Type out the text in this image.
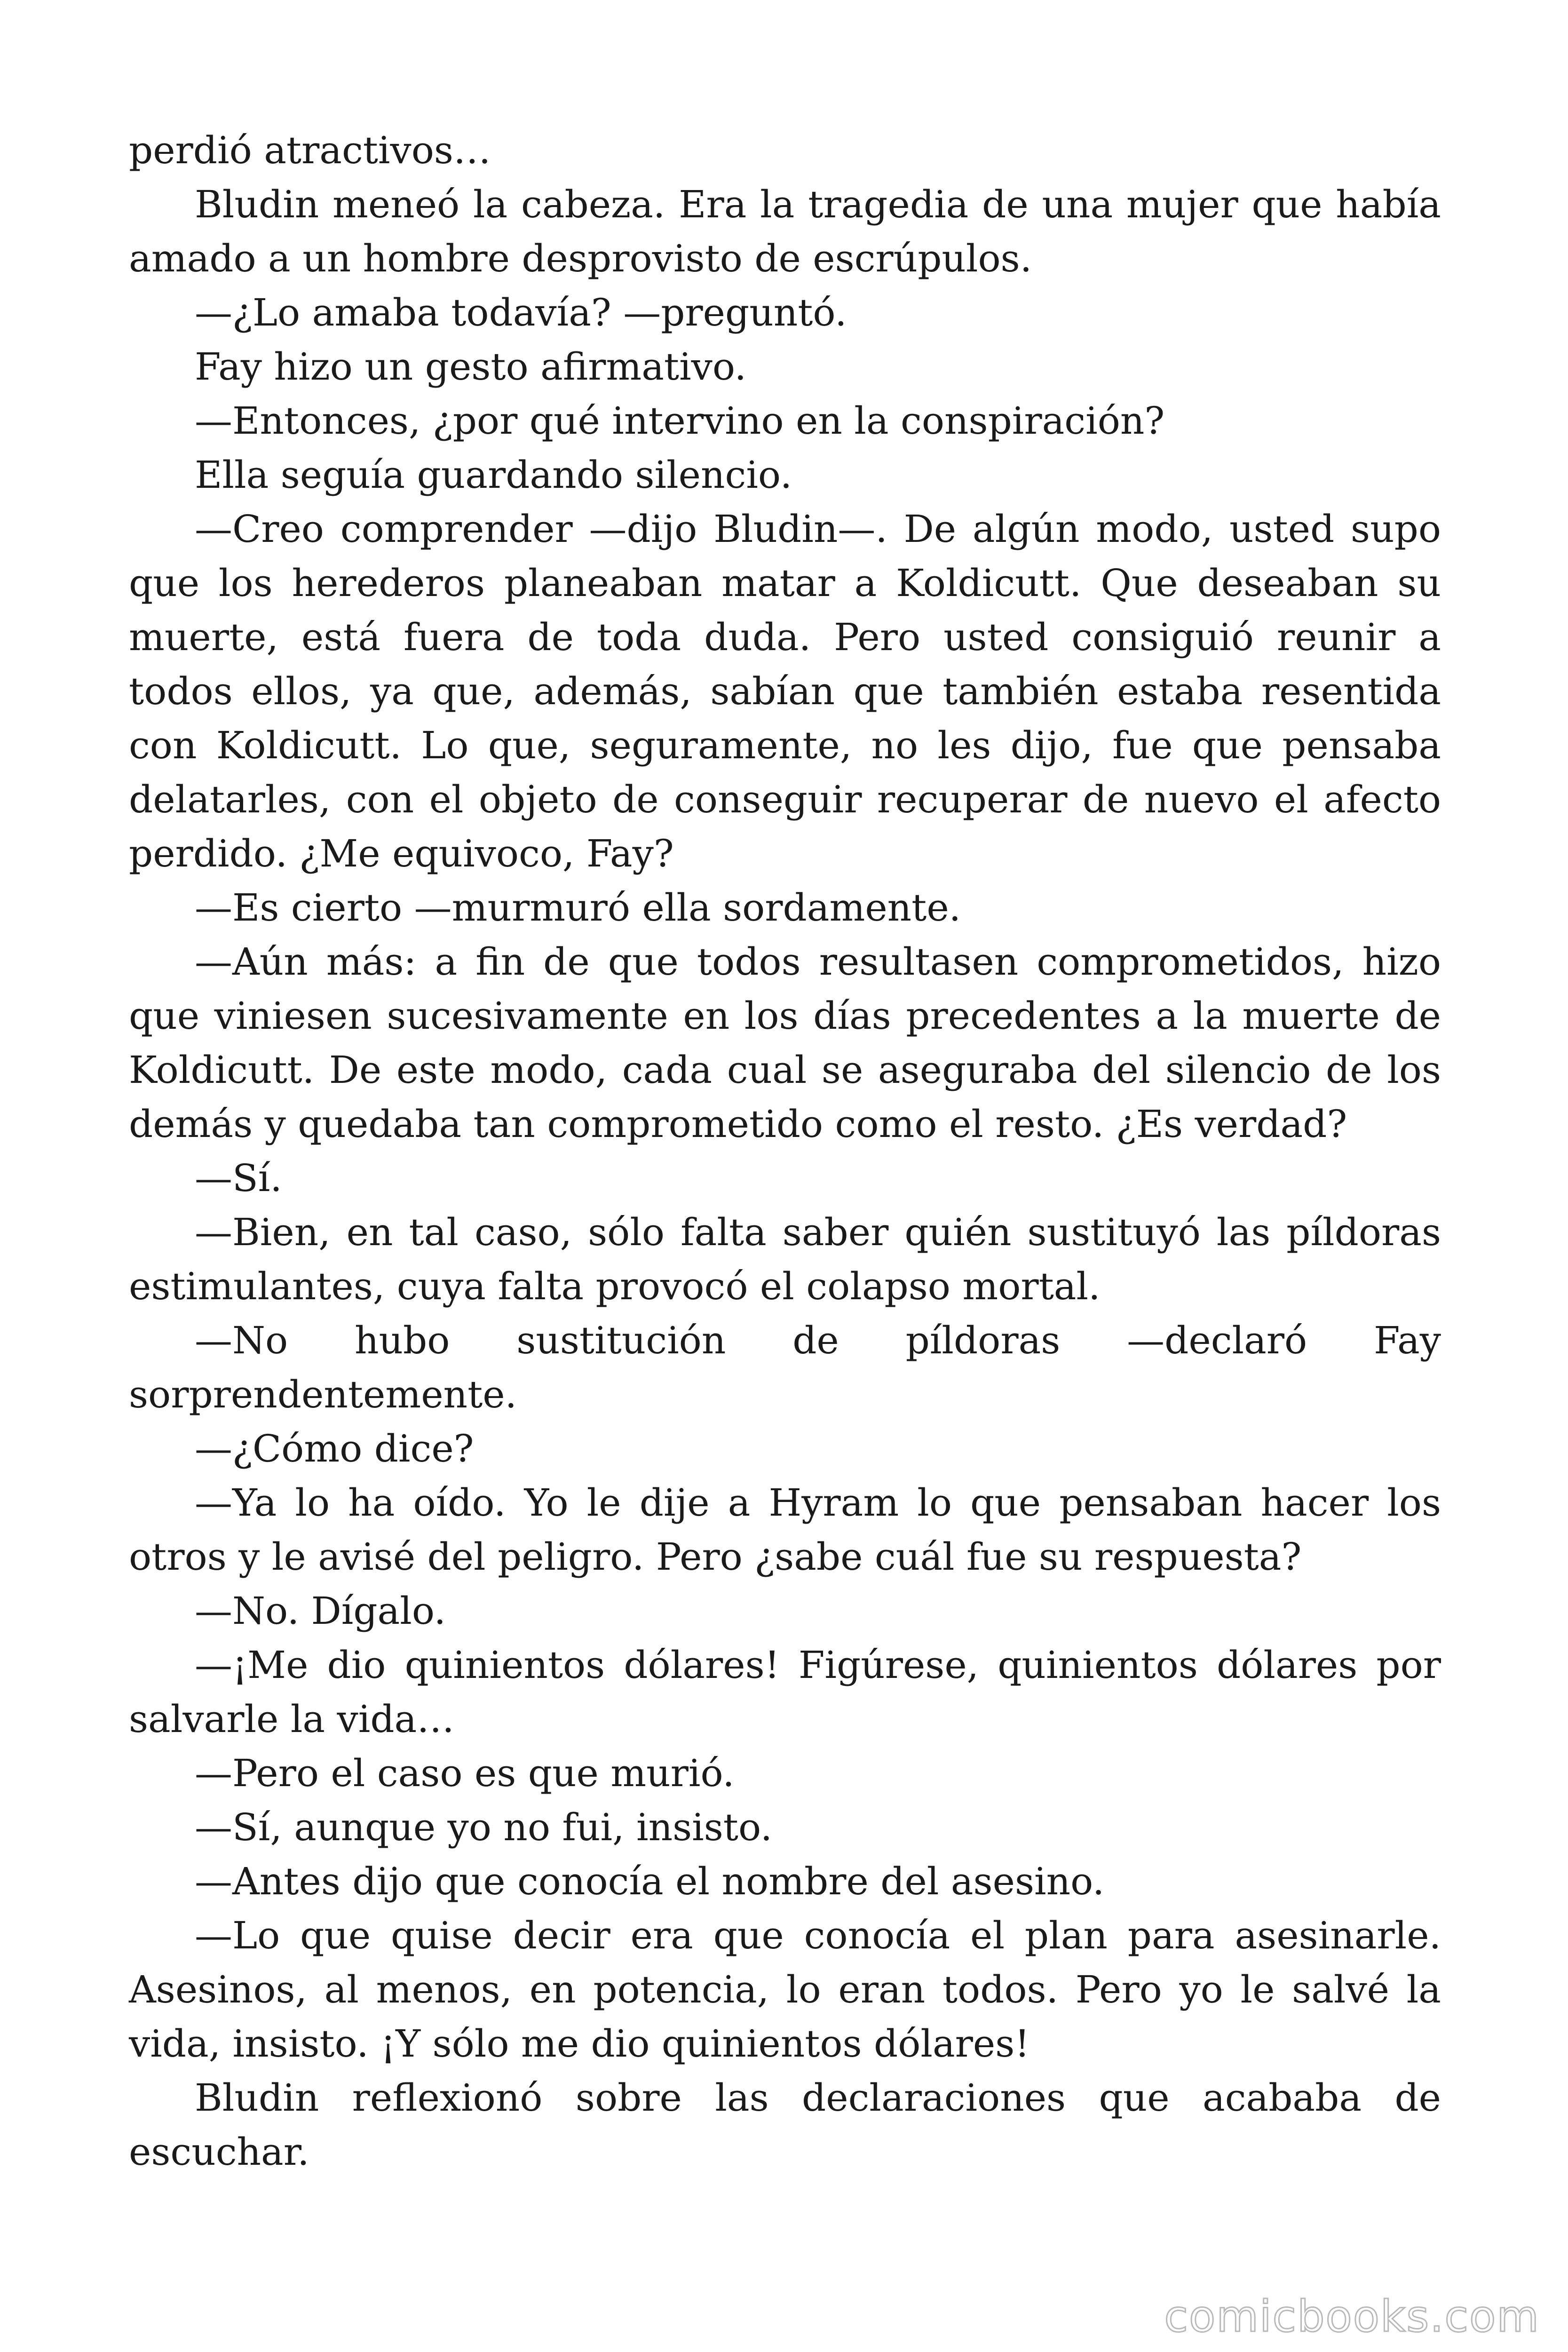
perdió atractivos…

Bludin meneó la cabeza. Era la tragedia de una mujer que había amado a un hombre desprovisto de escrúpulos.

—¿Lo amaba todavía? —preguntó.

Fay hizo un gesto afirmativo.

—Entonces, ¿por qué intervino en la conspiración?

Ella seguía guardando silencio.

—Creo comprender —dijo Bludin—. De algún modo, usted supo que los herederos planeaban matar a Koldicutt. Que deseaban su muerte, está fuera de toda duda. Pero usted consiguió reunir a todos ellos, ya que, además, sabían que también estaba resentida con Koldicutt. Lo que, seguramente, no les dijo, fue que pensaba delatarles, con el objeto de conseguir recuperar de nuevo el afecto perdido. ¿Me equivoco, Fay?

—Es cierto —murmuró ella sordamente.

—Aún más: a fin de que todos resultasen comprometidos, hizo que viniesen sucesivamente en los días precedentes a la muerte de Koldicutt. De este modo, cada cual se aseguraba del silencio de los demás y quedaba tan comprometido como el resto. ¿Es verdad?

—Sí.

—Bien, en tal caso, sólo falta saber quién sustituyó las píldoras estimulantes, cuya falta provocó el colapso mortal.

—No hubo sustitución de píldoras —declaró Fay sorprendentemente.

—¿Cómo dice?

—Ya lo ha oído. Yo le dije a Hyram lo que pensaban hacer los otros y le avisé del peligro. Pero ¿sabe cuál fue su respuesta?

—No. Dígalo.

—¡Me dio quinientos dólares! Figúrese, quinientos dólares por salvarle la vida…

—Pero el caso es que murió.

—Sí, aunque yo no fui, insisto.

—Antes dijo que conocía el nombre del asesino.

—Lo que quise decir era que conocía el plan para asesinarle. Asesinos, al menos, en potencia, lo eran todos. Pero yo le salvé la vida, insisto. ¡Y sólo me dio quinientos dólares!

Bludin reflexionó sobre las declaraciones que acababa de escuchar.

comicbooks.com
